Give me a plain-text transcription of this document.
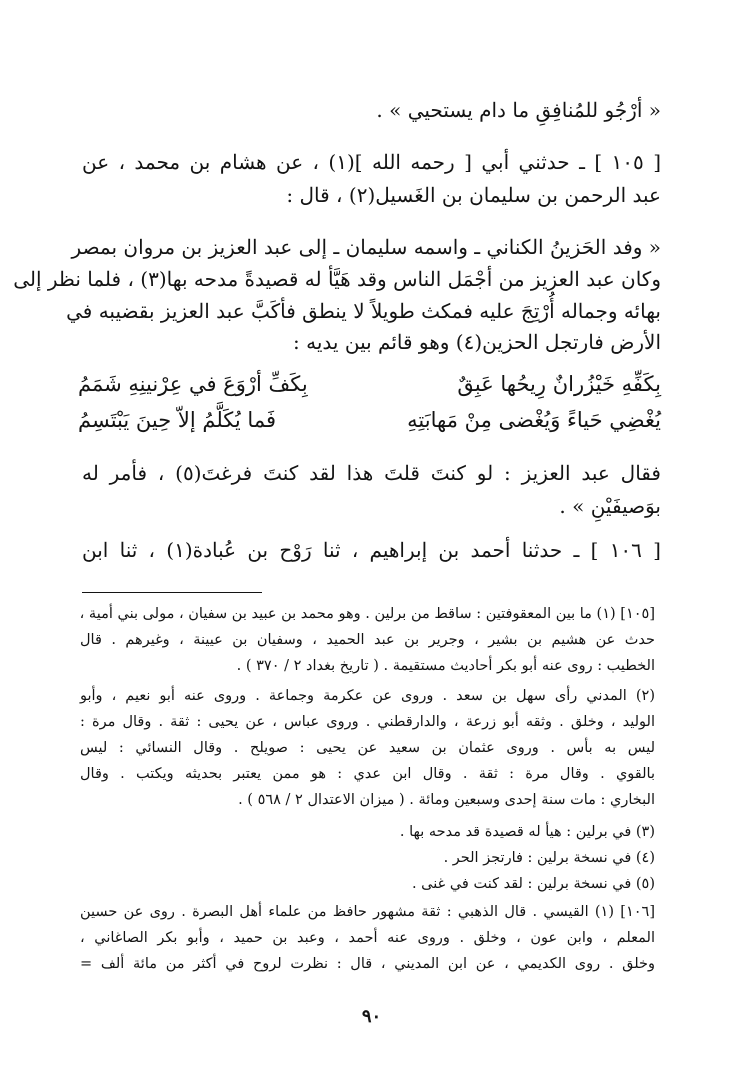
« أرْجُو للمُنافِقِ ما دام يستحيي » .
[ ١٠٥ ] ـ حدثني أبي [ رحمه الله ](١) ، عن هشام بن محمد ، عن
عبد الرحمن بن سليمان بن الغَسيل(٢) ، قال :
« وفد الحَزينُ الكناني ـ واسمه سليمان ـ إلى عبد العزيز بن مروان بمصر
وكان عبد العزيز من أجْمَل الناس وقد هَيَّأ له قصيدةً مدحه بها(٣) ، فلما نظر إلى
بهائه وجماله أُرْتِجَ عليه فمكث طويلاً لا ينطق فأكَبَّ عبد العزيز بقضيبه في
الأرض فارتجل الحزين(٤) وهو قائم بين يديه :
بِكَفِّهِ خَيْزُرانٌ رِيحُها عَبِقٌ
بِكَفِّ أرْوَعَ في عِرْنينِهِ شَمَمُ
يُغْضِي حَياءً وَيُغْضى مِنْ مَهابَتِهِ
فَما يُكَلَّمُ إلاّ حِينَ يَبْتَسِمُ
فقال عبد العزيز : لو كنتَ قلتَ هذا لقد كنتَ فرغتَ(٥) ، فأمر له
بوَصيفَيْنِ » .
[ ١٠٦ ] ـ حدثنا أحمد بن إبراهيم ، ثنا رَوْح بن عُبادة(١) ، ثنا ابن
[١٠٥] (١) ما بين المعقوفتين : ساقط من برلين . وهو محمد بن عبيد بن سفيان ، مولى بني أمية ،
حدث عن هشيم بن بشير ، وجرير بن عبد الحميد ، وسفيان بن عيينة ، وغيرهم . قال
الخطيب : روى عنه أبو بكر أحاديث مستقيمة . ( تاريخ بغداد ٢ / ٣٧٠ ) .
(٢) المدني رأى سهل بن سعد . وروى عن عكرمة وجماعة . وروى عنه أبو نعيم ، وأبو
الوليد ، وخلق . وثقه أبو زرعة ، والدارقطني . وروى عباس ، عن يحيى : ثقة . وقال مرة :
ليس به بأس . وروى عثمان بن سعيد عن يحيى : صويلح . وقال النسائي : ليس
بالقوي . وقال مرة : ثقة . وقال ابن عدي : هو ممن يعتبر بحديثه ويكتب . وقال
البخاري : مات سنة إحدى وسبعين ومائة . ( ميزان الاعتدال ٢ / ٥٦٨ ) .
(٣) في برلين : هيأ له قصيدة قد مدحه بها .
(٤) في نسخة برلين : فارتجز الحر .
(٥) في نسخة برلين : لقد كنت في غنى .
[١٠٦] (١) القيسي . قال الذهبي : ثقة مشهور حافظ من علماء أهل البصرة . روى عن حسين
المعلم ، وابن عون ، وخلق . وروى عنه أحمد ، وعبد بن حميد ، وأبو بكر الصاغاني ،
وخلق . روى الكديمي ، عن ابن المديني ، قال : نظرت لروح في أكثر من مائة ألف =
٩٠
